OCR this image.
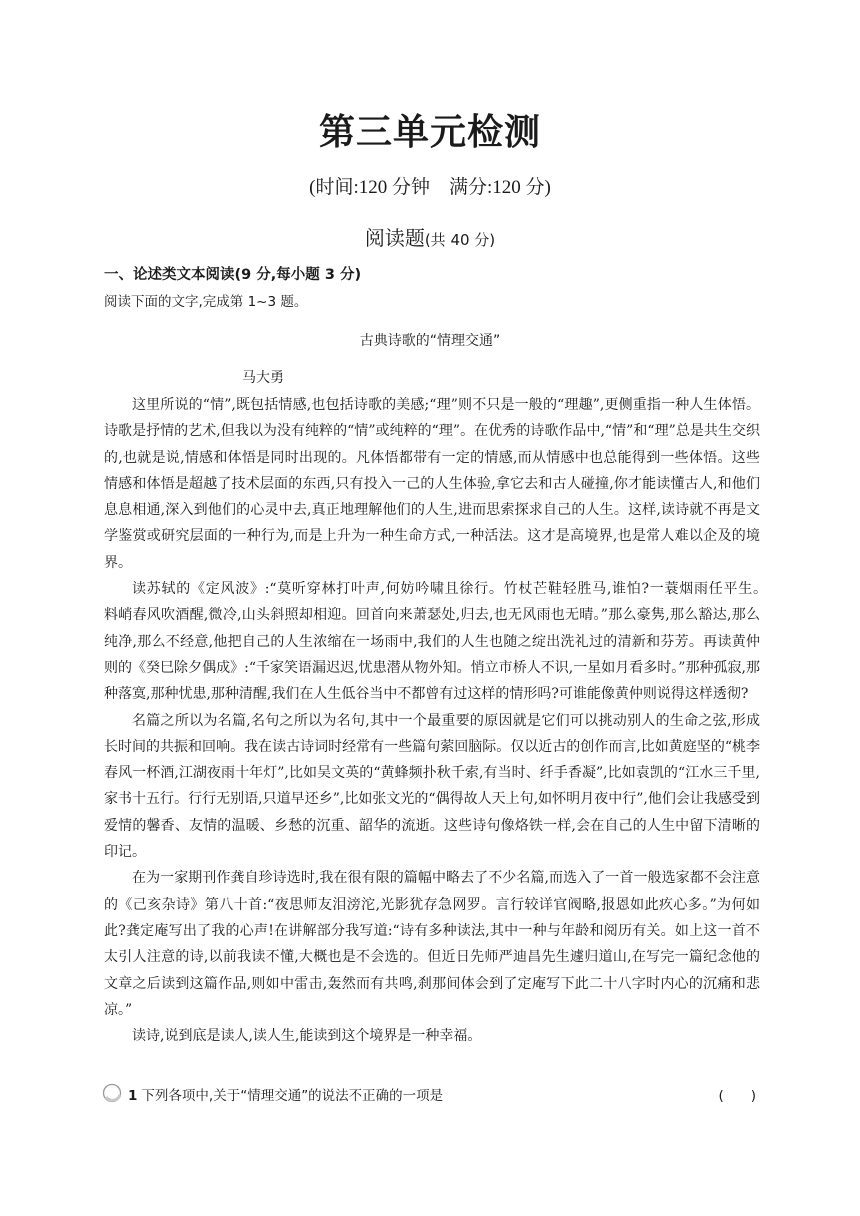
第三单元检测
(时间:120 分钟　满分:120 分)
阅读题(共 40 分)
一、论述类文本阅读(9 分,每小题 3 分)
阅读下面的文字,完成第 1~3 题。
古典诗歌的“情理交通”
马大勇

这里所说的“情”,既包括情感,也包括诗歌的美感;“理”则不只是一般的“理趣”,更侧重指一种人生体悟。诗歌是抒情的艺术,但我以为没有纯粹的“情”或纯粹的“理”。在优秀的诗歌作品中,“情”和“理”总是共生交织的,也就是说,情感和体悟是同时出现的。凡体悟都带有一定的情感,而从情感中也总能得到一些体悟。这些情感和体悟是超越了技术层面的东西,只有投入一己的人生体验,拿它去和古人碰撞,你才能读懂古人,和他们息息相通,深入到他们的心灵中去,真正地理解他们的人生,进而思索探求自己的人生。这样,读诗就不再是文学鉴赏或研究层面的一种行为,而是上升为一种生命方式,一种活法。这才是高境界,也是常人难以企及的境界。

读苏轼的《定风波》:“莫听穿林打叶声,何妨吟啸且徐行。竹杖芒鞋轻胜马,谁怕?一蓑烟雨任平生。　　料峭春风吹酒醒,微冷,山头斜照却相迎。回首向来萧瑟处,归去,也无风雨也无晴。”那么豪隽,那么豁达,那么纯净,那么不经意,他把自己的人生浓缩在一场雨中,我们的人生也随之绽出洗礼过的清新和芬芳。再读黄仲则的《癸巳除夕偶成》:“千家笑语漏迟迟,忧患潜从物外知。悄立市桥人不识,一星如月看多时。”那种孤寂,那种落寞,那种忧患,那种清醒,我们在人生低谷当中不都曾有过这样的情形吗?可谁能像黄仲则说得这样透彻?

名篇之所以为名篇,名句之所以为名句,其中一个最重要的原因就是它们可以挑动别人的生命之弦,形成长时间的共振和回响。我在读古诗词时经常有一些篇句萦回脑际。仅以近古的创作而言,比如黄庭坚的“桃李春风一杯酒,江湖夜雨十年灯”,比如吴文英的“黄蜂频扑秋千索,有当时、纤手香凝”,比如袁凯的“江水三千里,家书十五行。行行无别语,只道早还乡”,比如张文光的“偶得故人天上句,如怀明月夜中行”,他们会让我感受到爱情的馨香、友情的温暖、乡愁的沉重、韶华的流逝。这些诗句像烙铁一样,会在自己的人生中留下清晰的印记。

在为一家期刊作龚自珍诗选时,我在很有限的篇幅中略去了不少名篇,而选入了一首一般选家都不会注意的《己亥杂诗》第八十首:“夜思师友泪滂沱,光影犹存急网罗。言行较详官阀略,报恩如此疚心多。”为何如此?龚定庵写出了我的心声!在讲解部分我写道:“诗有多种读法,其中一种与年龄和阅历有关。如上这一首不太引人注意的诗,以前我读不懂,大概也是不会选的。但近日先师严迪昌先生遽归道山,在写完一篇纪念他的文章之后读到这篇作品,则如中雷击,轰然而有共鸣,刹那间体会到了定庵写下此二十八字时内心的沉痛和悲凉。”

读诗,说到底是读人,读人生,能读到这个境界是一种幸福。

1 下列各项中,关于“情理交通”的说法不正确的一项是	(　　)
